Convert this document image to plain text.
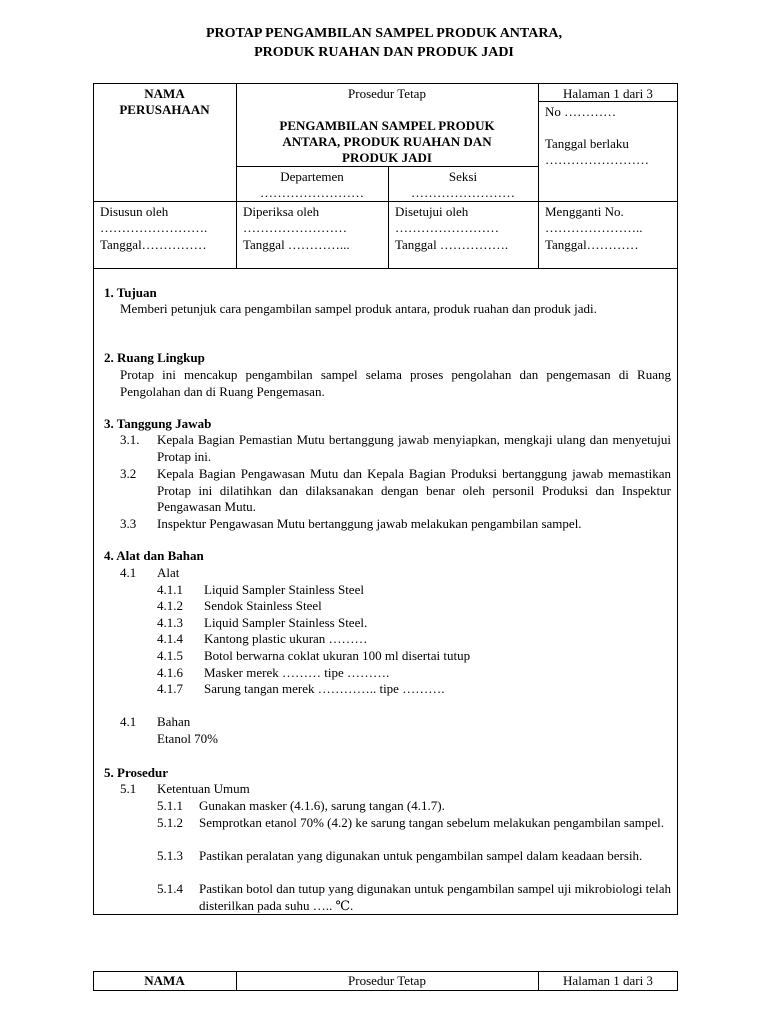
PROTAP PENGAMBILAN SAMPEL PRODUK ANTARA,
PRODUK RUAHAN DAN PRODUK JADI
NAMA
PERUSAHAAN
Prosedur Tetap
PENGAMBILAN SAMPEL PRODUK
ANTARA, PRODUK RUAHAN DAN
PRODUK JADI
Halaman 1 dari 3
No …………
Tanggal berlaku
……………………
Departemen
……………………
Seksi
……………………
Disusun oleh
…………………….
Tanggal……………
Diperiksa oleh
……………………
Tanggal …………...
Disetujui oleh
……………………
Tanggal …………….
Mengganti No.
…………………..
Tanggal…………
1. Tujuan
Memberi petunjuk cara pengambilan sampel produk antara, produk ruahan dan produk jadi.
2. Ruang Lingkup
Protap ini mencakup pengambilan sampel selama proses pengolahan dan pengemasan di Ruang Pengolahan dan di Ruang Pengemasan.
3. Tanggung Jawab
3.1. Kepala Bagian Pemastian Mutu bertanggung jawab menyiapkan, mengkaji ulang dan menyetujui Protap ini.
3.2 Kepala Bagian Pengawasan Mutu dan Kepala Bagian Produksi bertanggung jawab memastikan Protap ini dilatihkan dan dilaksanakan dengan benar oleh personil Produksi dan Inspektur Pengawasan Mutu.
3.3 Inspektur Pengawasan Mutu bertanggung jawab melakukan pengambilan sampel.
4. Alat dan Bahan
4.1 Alat
4.1.1 Liquid Sampler Stainless Steel
4.1.2 Sendok Stainless Steel
4.1.3 Liquid Sampler Stainless Steel.
4.1.4 Kantong plastic ukuran ………
4.1.5 Botol berwarna coklat ukuran 100 ml disertai tutup
4.1.6 Masker merek ……… tipe ……….
4.1.7 Sarung tangan merek ………….. tipe ……….
4.1 Bahan
Etanol 70%
5. Prosedur
5.1 Ketentuan Umum
5.1.1 Gunakan masker (4.1.6), sarung tangan (4.1.7).
5.1.2 Semprotkan etanol 70% (4.2) ke sarung tangan sebelum melakukan pengambilan sampel.
5.1.3 Pastikan peralatan yang digunakan untuk pengambilan sampel dalam keadaan bersih.
5.1.4 Pastikan botol dan tutup yang digunakan untuk pengambilan sampel uji mikrobiologi telah disterilkan pada suhu ….. ℃.
NAMA	Prosedur Tetap	Halaman 1 dari 3
